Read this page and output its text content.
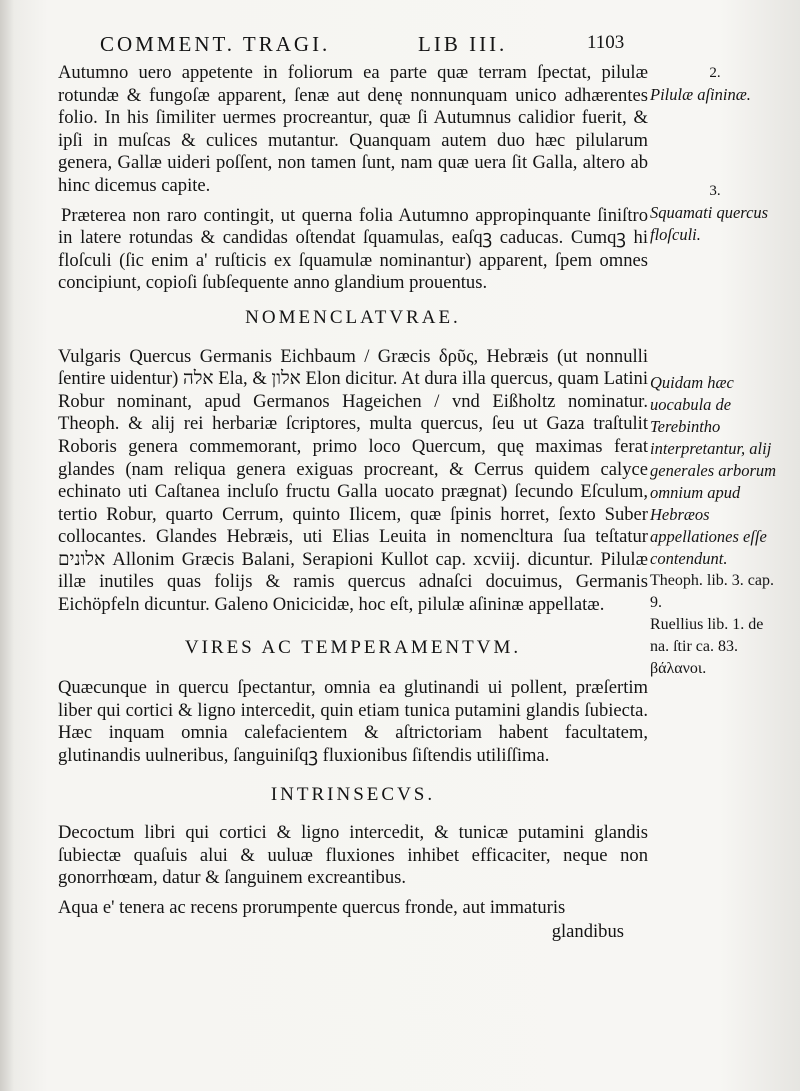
COMMENT. TRAGI.	LIB III.	1103

Autumno uero appetente in foliorum ea parte quæ terram ſpectat, pilulæ rotundæ & fungoſæ apparent, ſenæ aut denę nonnunquam unico adhærentes folio. In his ſimiliter uermes procreantur, quæ ſi Autumnus calidior fuerit, & ipſi in muſcas & culices mutantur. Quanquam autem duo hæc pilularum genera, Gallæ uideri poſſent, non tamen ſunt, nam quæ uera ſit Galla, altero ab hinc dicemus capite.

Præterea non raro contingit, ut querna folia Autumno appropinquante ſiniſtro in latere rotundas & candidas oſtendat ſquamulas, eaſqꝫ caducas. Cumqꝫ hi floſculi (ſic enim a' ruſticis ex ſquamulæ nominantur) apparent, ſpem omnes concipiunt, copioſi ſubſequente anno glandium prouentus.

NOMENCLATVRAE.

Vulgaris Quercus Germanis Eichbaum / Græcis δρῦς, Hebræis (ut nonnulli ſentire uidentur) אלה Ela, & אלון Elon dicitur. At dura illa quercus, quam Latini Robur nominant, apud Germanos Hageichen / vnd Eißholtz nominatur. Theoph. & alij rei herbariæ ſcriptores, multa quercus, ſeu ut Gaza traſtulit Roboris genera commemorant, primo loco Quercum, quę maximas ferat glandes (nam reliqua genera exiguas procreant, & Cerrus quidem calyce echinato uti Caſtanea incluſo fructu Galla uocato prægnat) ſecundo Eſculum, tertio Robur, quarto Cerrum, quinto Ilicem, quæ ſpinis horret, ſexto Suber collocantes. Glandes Hebræis, uti Elias Leuita in nomencltura ſua teſtatur אלונים Allonim Græcis Balani, Serapioni Kullot cap. xcviij. dicuntur. Pilulæ illæ inutiles quas folijs & ramis quercus adnaſci docuimus, Germanis Eichöpfeln dicuntur. Galeno Onicicidæ, hoc eſt, pilulæ aſininæ appellatæ.

VIRES AC TEMPERAMENTVM.

Quæcunque in quercu ſpectantur, omnia ea glutinandi ui pollent, præſertim liber qui cortici & ligno intercedit, quin etiam tunica putamini glandis ſubiecta. Hæc inquam omnia calefacientem & aſtrictoriam habent facultatem, glutinandis uulneribus, ſanguiniſqꝫ fluxionibus ſiſtendis utiliſſima.

INTRINSECVS.

Decoctum libri qui cortici & ligno intercedit, & tunicæ putamini glandis ſubiectæ quaſuis alui & uuluæ fluxiones inhibet efficaciter, neque non gonorrhœam, datur & ſanguinem excreantibus.

Aqua e' tenera ac recens prorumpente quercus fronde, aut immaturis

glandibus

2.
Pilulæ aſininæ.
3.
Squamati quercus floſculi.
Quidam hæc uocabula de Terebintho interpretantur, alij generales arborum omnium apud Hebræos appellationes eſſe contendunt.
Theoph. lib. 3. cap. 9.
Ruellius lib. 1. de na. ſtir ca. 83.
βάλανοι.
